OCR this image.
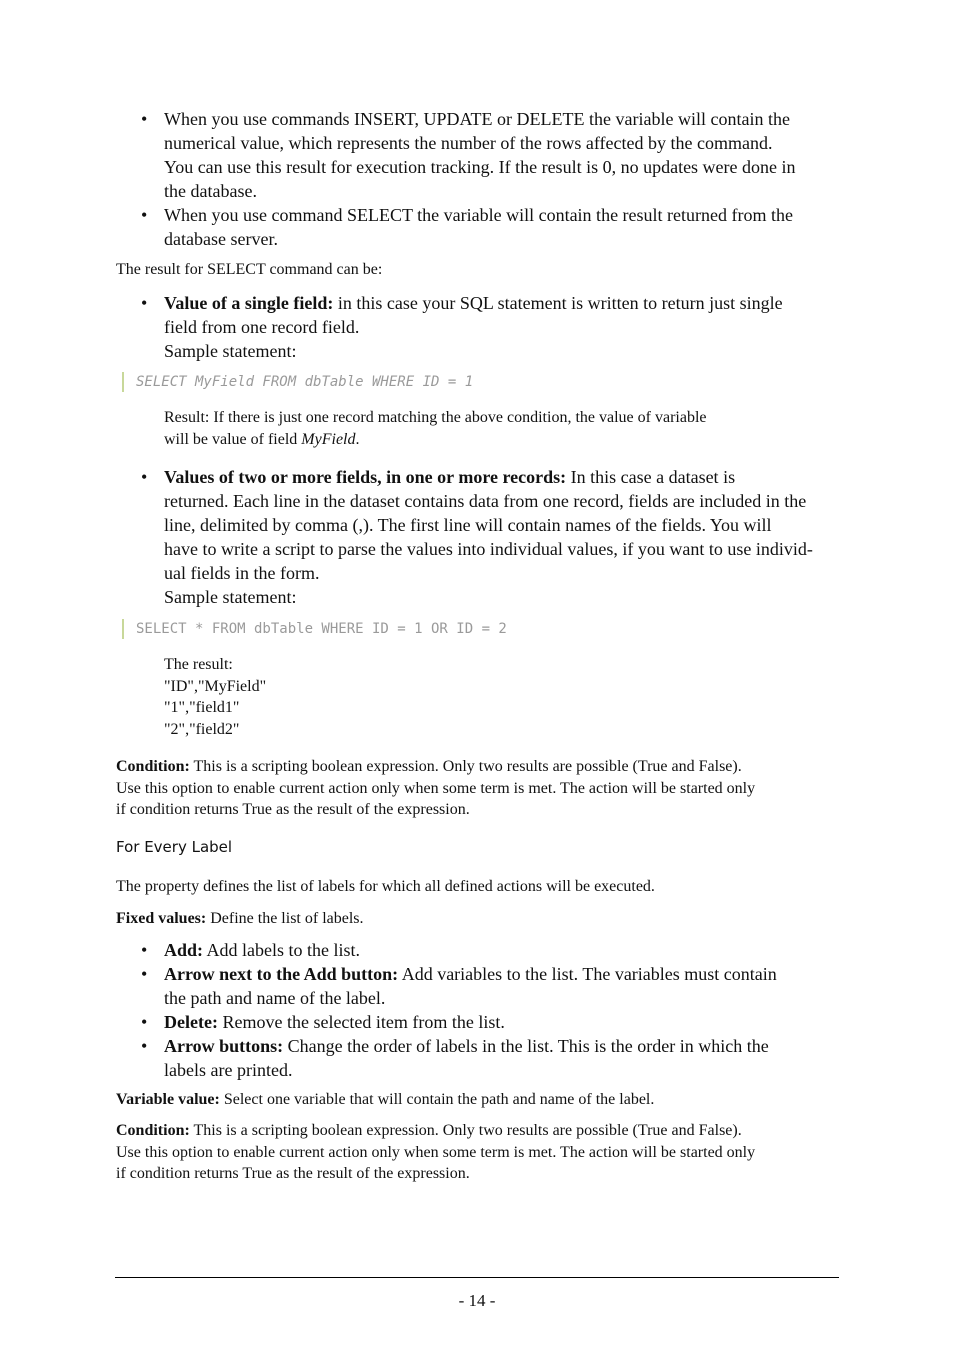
• When you use commands INSERT, UPDATE or DELETE the variable will contain the
numerical value, which represents the number of the rows affected by the command.
You can use this result for execution tracking. If the result is 0, no updates were done in
the database.
• When you use command SELECT the variable will contain the result returned from the
database server.
The result for SELECT command can be:
• Value of a single field: in this case your SQL statement is written to return just single
field from one record field.
Sample statement:
SELECT MyField FROM dbTable WHERE ID = 1
Result: If there is just one record matching the above condition, the value of variable
will be value of field MyField.
• Values of two or more fields, in one or more records: In this case a dataset is
returned. Each line in the dataset contains data from one record, fields are included in the
line, delimited by comma (,). The first line will contain names of the fields. You will
have to write a script to parse the values into individual values, if you want to use individ-
ual fields in the form.
Sample statement:
SELECT * FROM dbTable WHERE ID = 1 OR ID = 2
The result:
"ID","MyField"
"1","field1"
"2","field2"
Condition: This is a scripting boolean expression. Only two results are possible (True and False).
Use this option to enable current action only when some term is met. The action will be started only
if condition returns True as the result of the expression.
For Every Label
The property defines the list of labels for which all defined actions will be executed.
Fixed values: Define the list of labels.
• Add: Add labels to the list.
• Arrow next to the Add button: Add variables to the list. The variables must contain
the path and name of the label.
• Delete: Remove the selected item from the list.
• Arrow buttons: Change the order of labels in the list. This is the order in which the
labels are printed.
Variable value: Select one variable that will contain the path and name of the label.
Condition: This is a scripting boolean expression. Only two results are possible (True and False).
Use this option to enable current action only when some term is met. The action will be started only
if condition returns True as the result of the expression.
- 14 -
